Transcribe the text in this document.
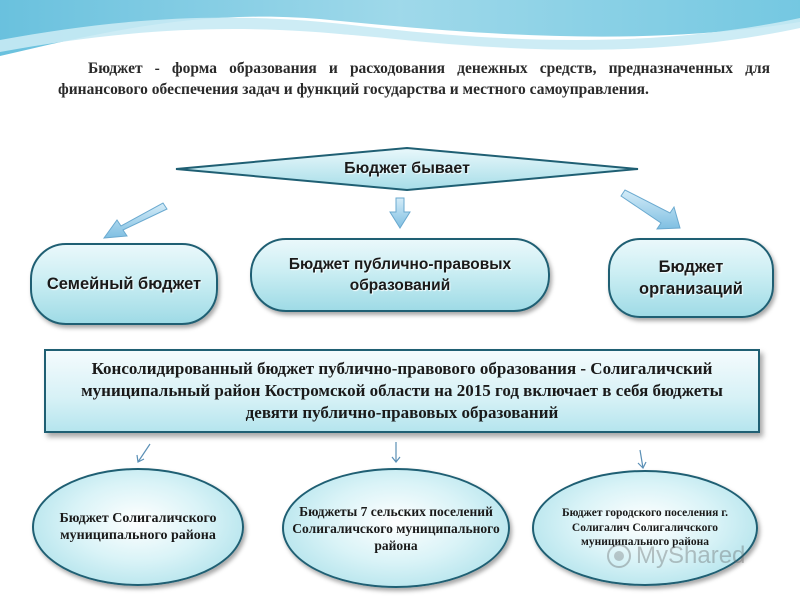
Бюджет - форма образования и расходования денежных средств, предназначенных для финансового обеспечения задач и функций государства и местного самоуправления.

Бюджет бывает
Семейный бюджет
Бюджет публично-правовых образований
Бюджет организаций
Консолидированный бюджет публично-правового образования - Солигаличский муниципальный район Костромской области на 2015 год включает в себя бюджеты девяти публично-правовых образований
Бюджет Солигаличского муниципального района
Бюджеты 7 сельских поселений Солигаличского муниципального района
Бюджет городского поселения г. Солигалич Солигаличского муниципального района
MyShared
